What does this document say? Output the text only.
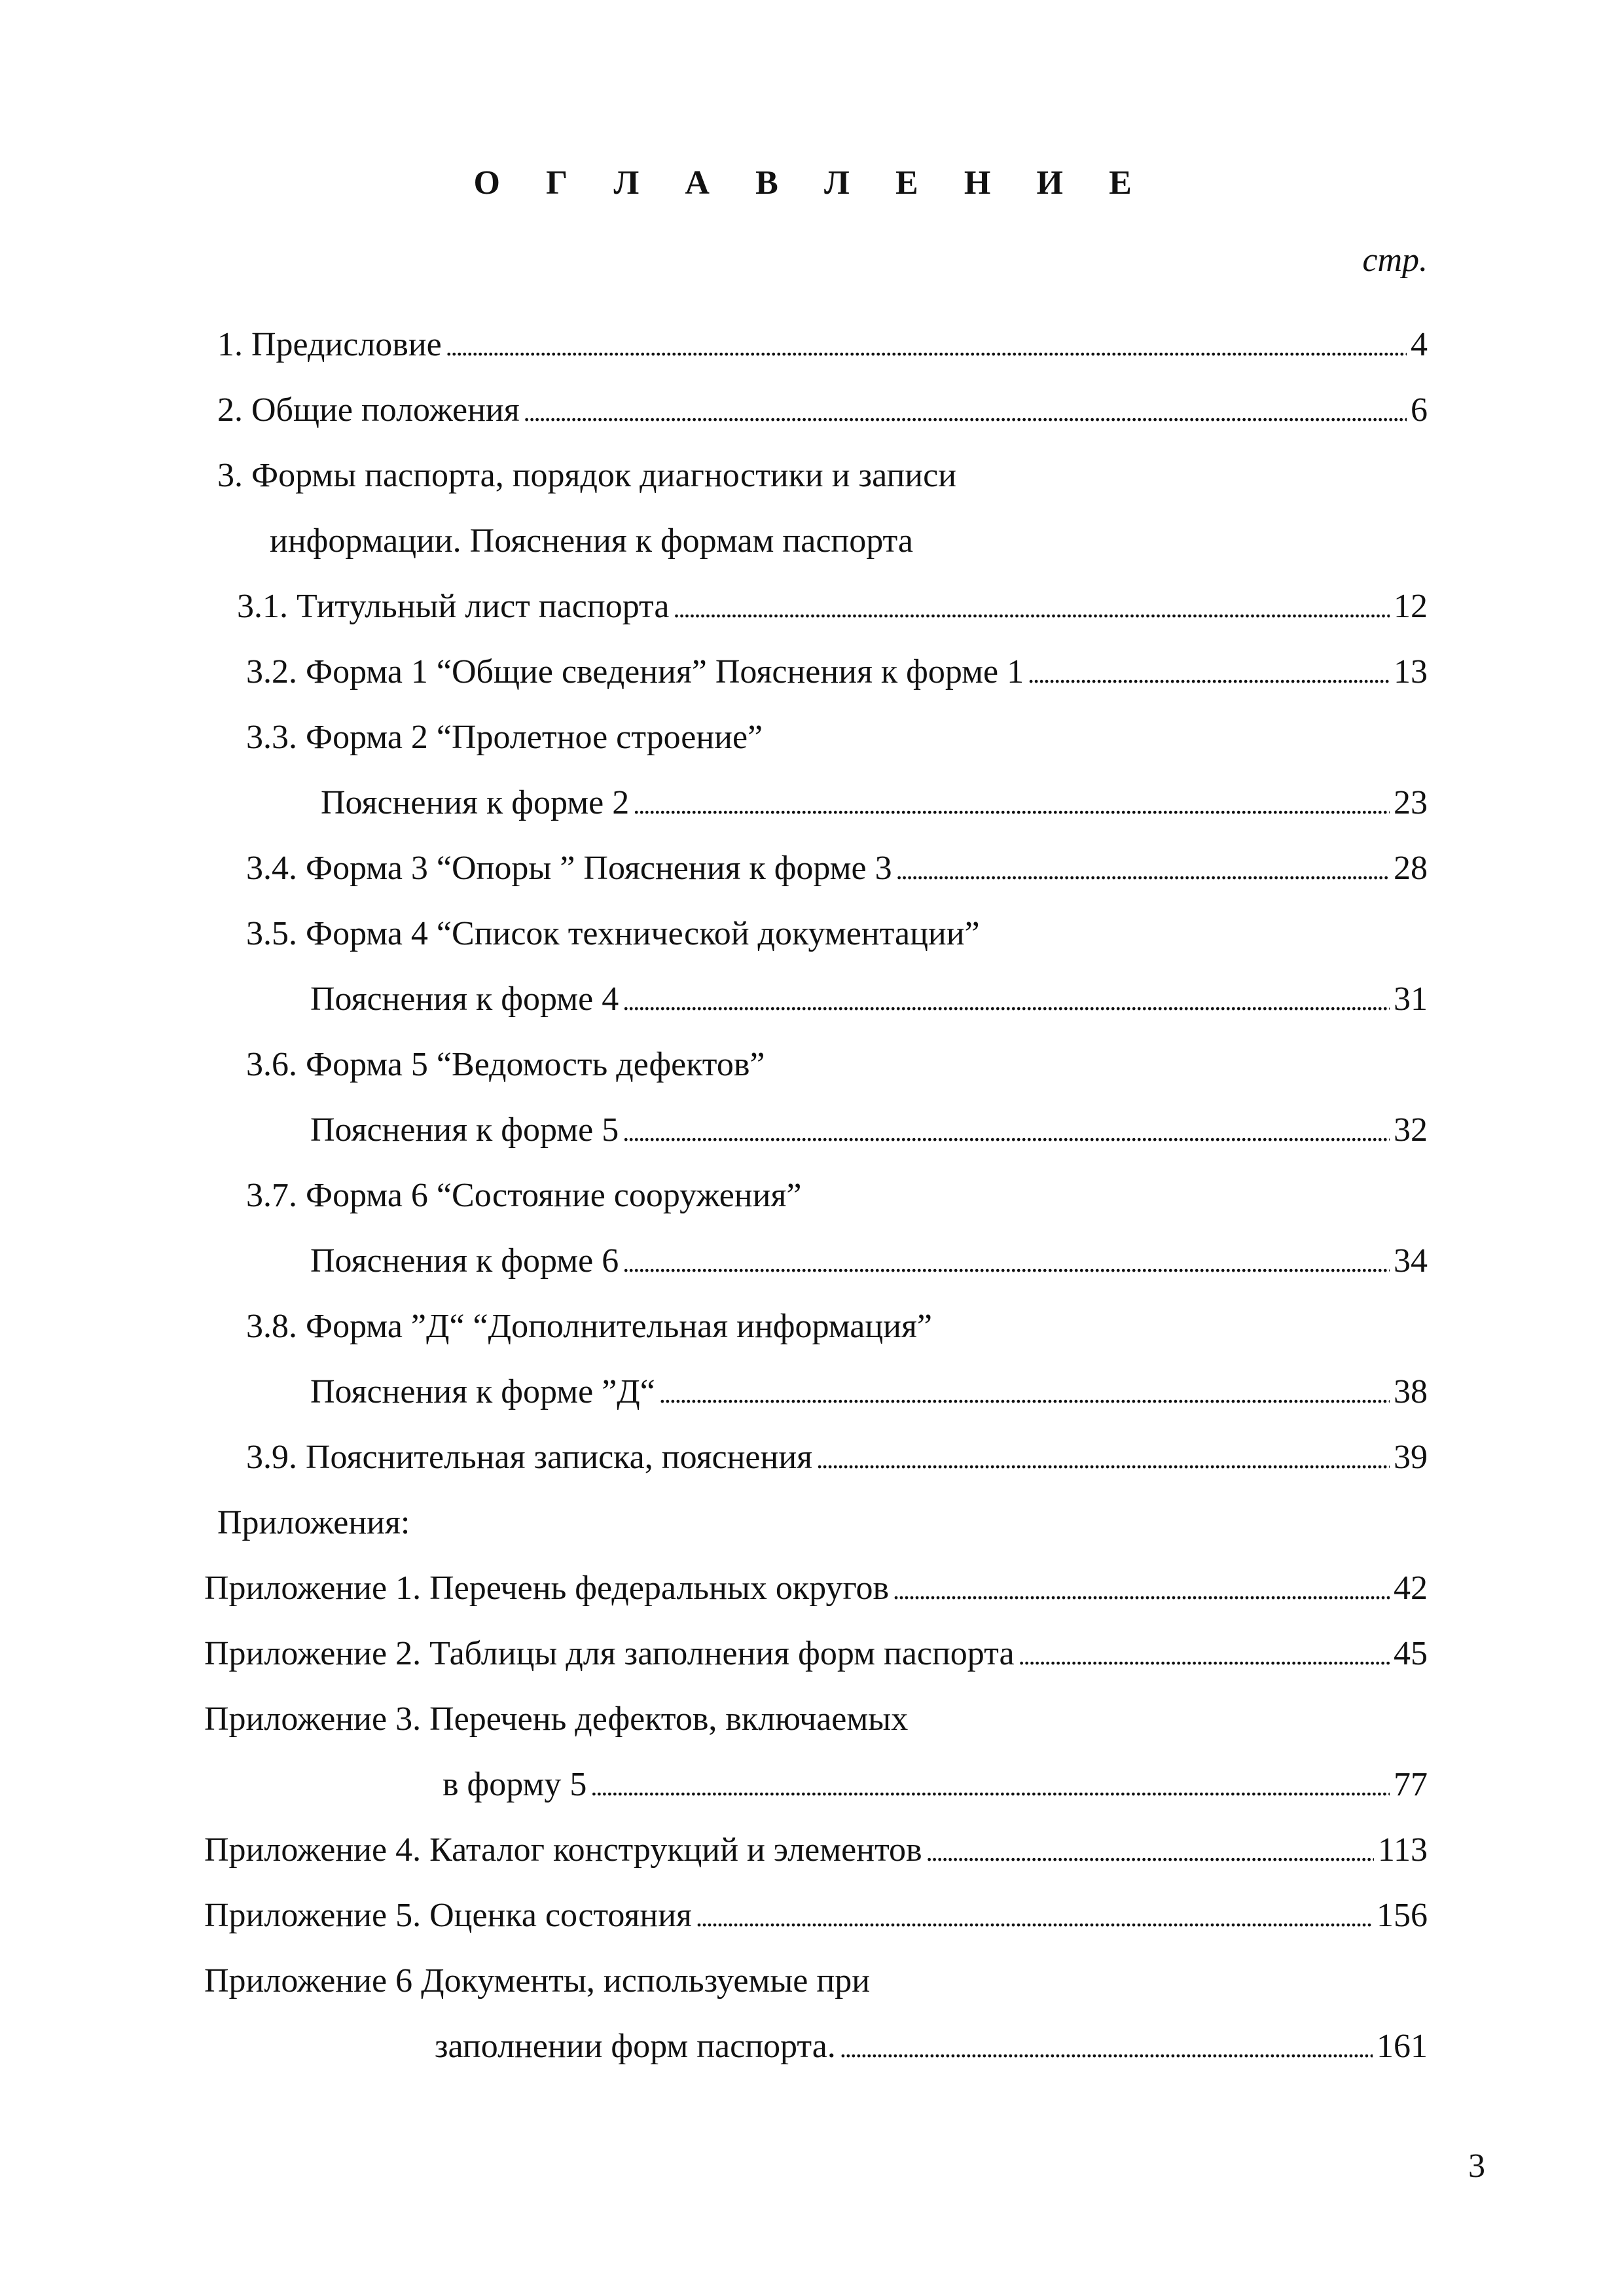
О Г Л А В Л Е Н И Е
стр.
1. Предисловие . . .	4
2. Общие положения . . .	6
3. Формы паспорта, порядок диагностики и записи
информации. Пояснения к формам паспорта
3.1. Титульный лист паспорта . . .	12
3.2. Форма 1 “Общие сведения” Пояснения к форме 1 . . .	13
3.3. Форма 2 “Пролетное строение”
Пояснения к форме 2 . . .	23
3.4. Форма 3 “Опоры ” Пояснения к форме 3 . . .	28
3.5. Форма 4 “Список технической документации”
Пояснения к форме 4 . . .	31
3.6. Форма 5 “Ведомость дефектов”
Пояснения к форме 5 . . .	32
3.7. Форма 6 “Состояние сооружения”
Пояснения к форме 6 . . .	34
3.8. Форма ”Д“ “Дополнительная информация”
Пояснения к форме ”Д“ . . .	38
3.9. Пояснительная записка, пояснения . . .	39
Приложения:
Приложение 1. Перечень федеральных округов . . .	42
Приложение 2. Таблицы для заполнения форм паспорта . . .	45
Приложение 3. Перечень дефектов, включаемых
в форму 5 . . .	77
Приложение 4. Каталог конструкций и элементов . . .	113
Приложение 5. Оценка состояния . . .	156
Приложение 6 Документы, используемые при
заполнении форм паспорта. . . .	161
3
